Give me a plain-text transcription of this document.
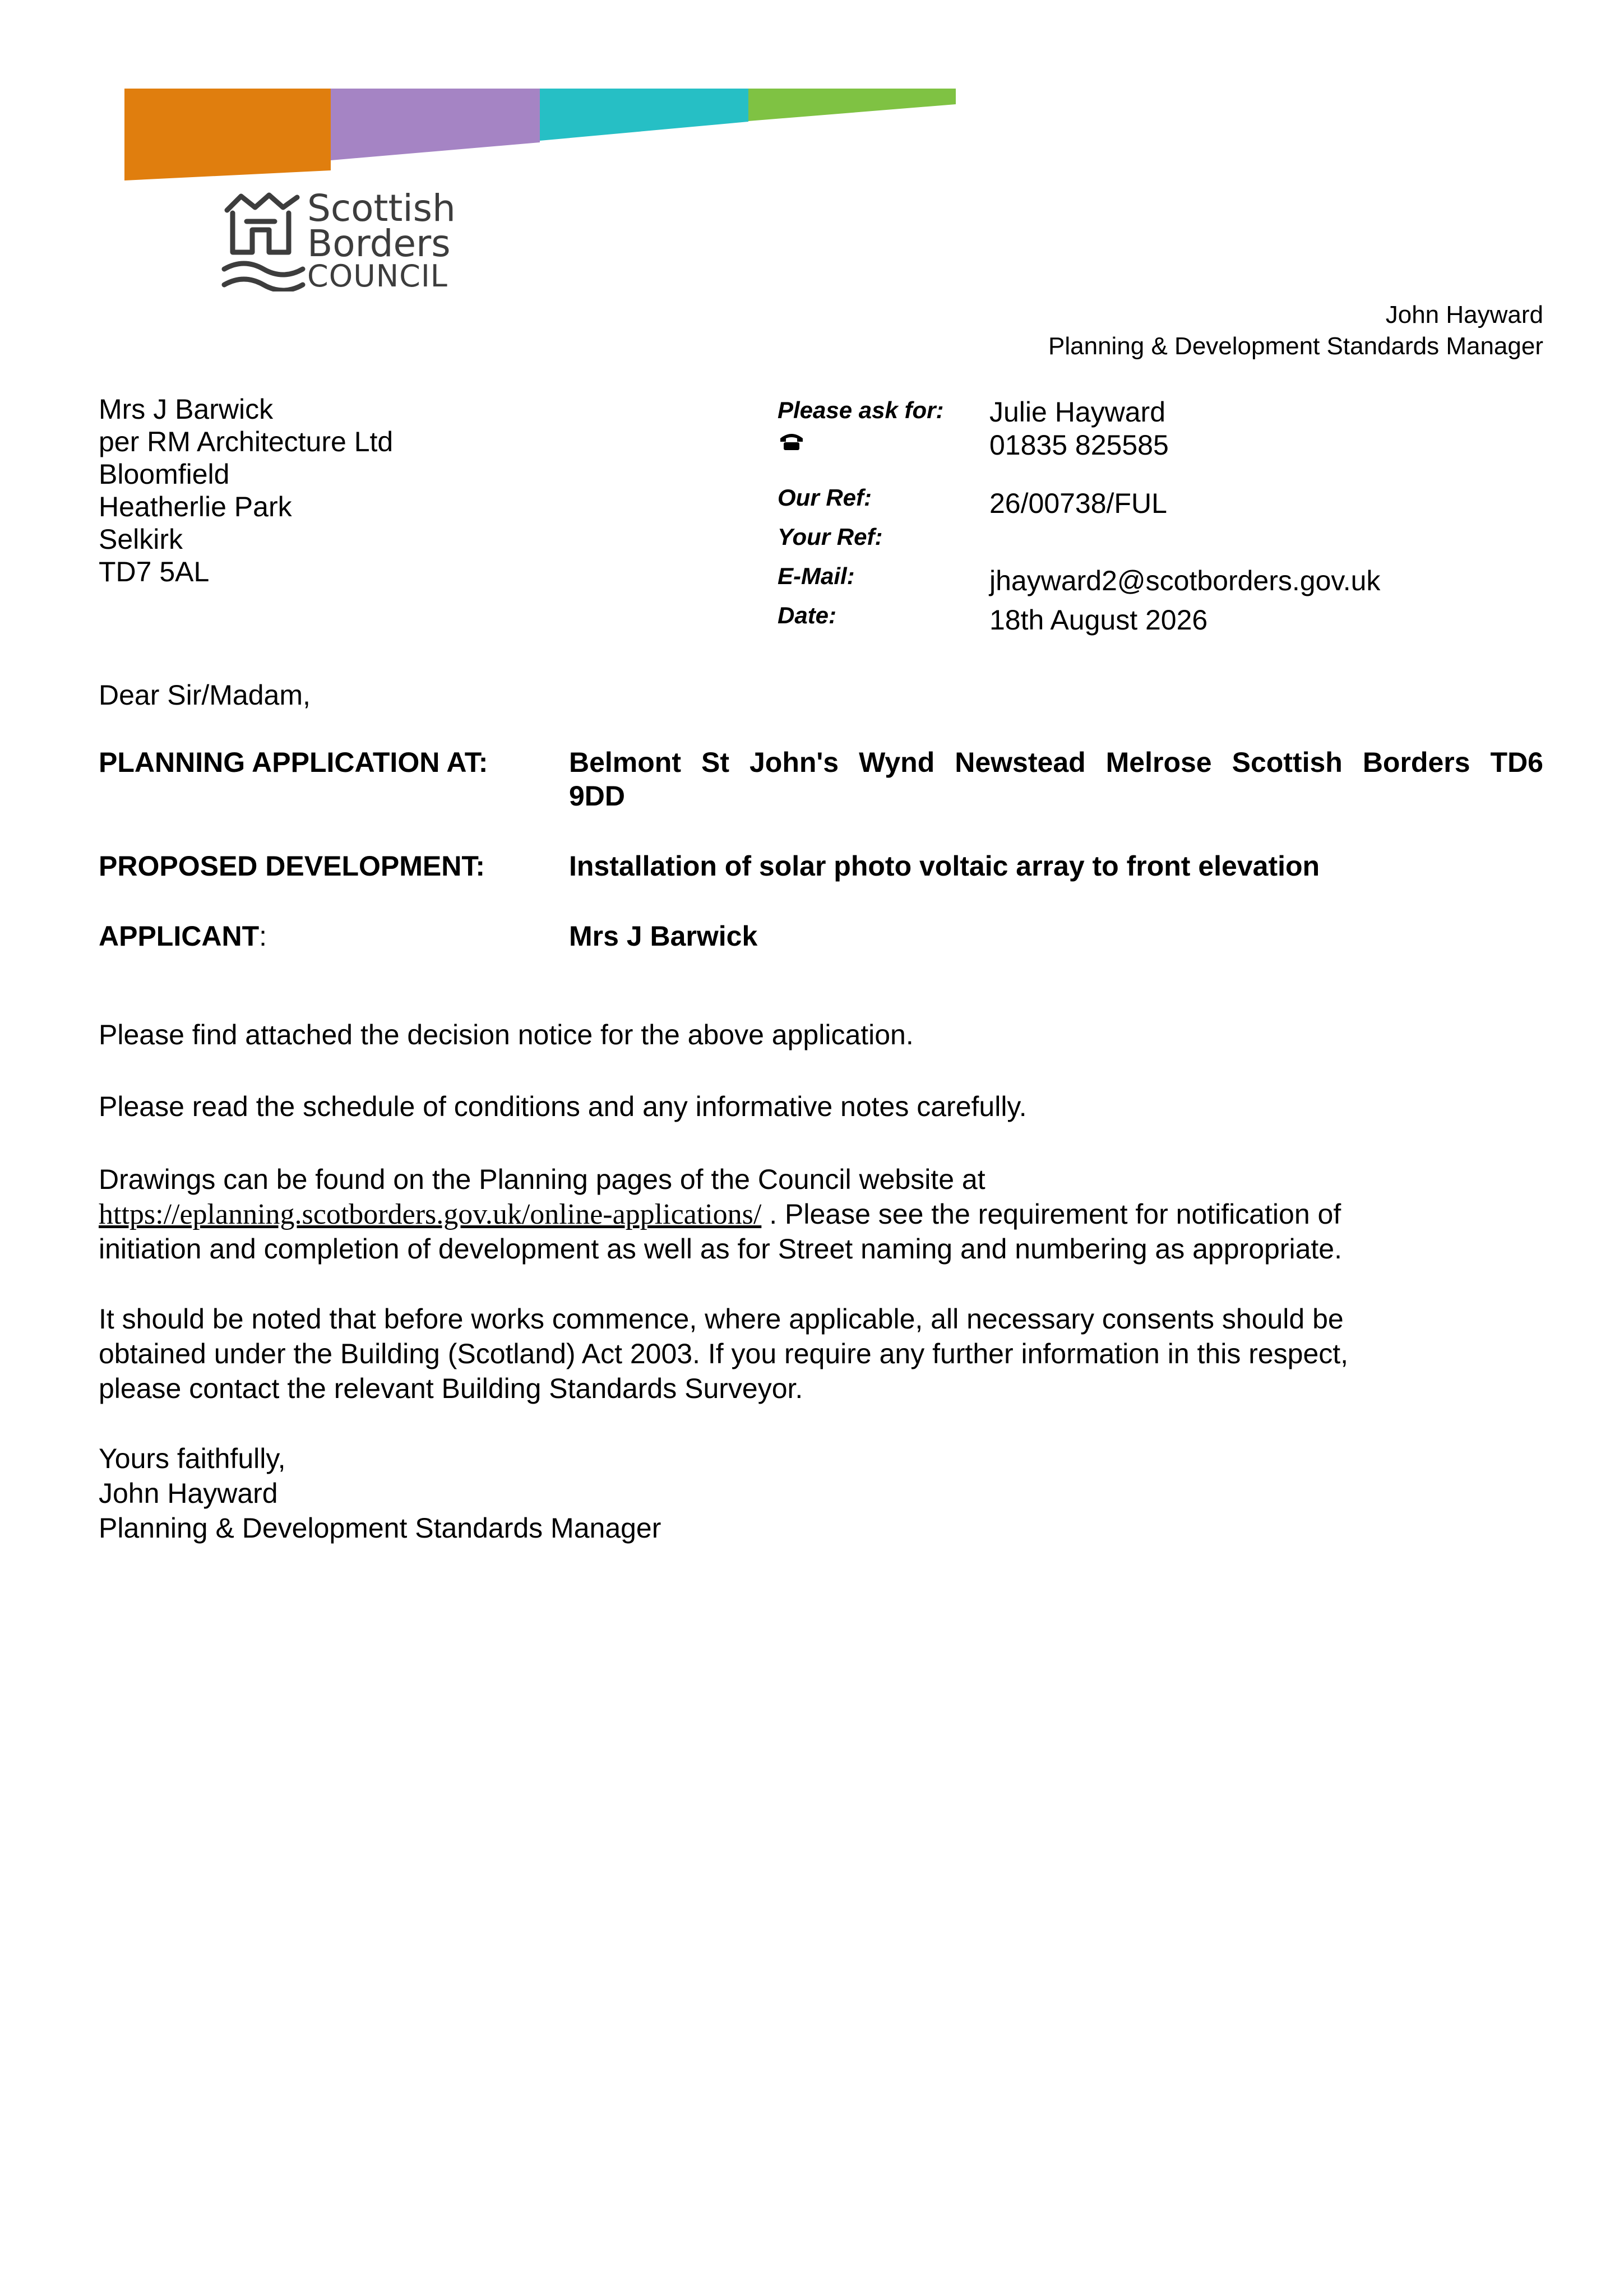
Scottish
Borders
COUNCIL
John Hayward
Planning & Development Standards Manager
Mrs J Barwick
per RM Architecture Ltd
Bloomfield
Heatherlie Park
Selkirk
TD7 5AL
Please ask for: Julie Hayward
01835 825585
Our Ref:	26/00738/FUL
Your Ref:
E-Mail:	jhayward2@scotborders.gov.uk
Date:	18th August 2026
Dear Sir/Madam,
PLANNING APPLICATION AT:	Belmont St John's Wynd Newstead Melrose Scottish Borders TD6
9DD
PROPOSED DEVELOPMENT:	Installation of solar photo voltaic array to front elevation
APPLICANT:	Mrs J Barwick
Please find attached the decision notice for the above application.
Please read the schedule of conditions and any informative notes carefully.
Drawings can be found on the Planning pages of the Council website at
https://eplanning.scotborders.gov.uk/online-applications/ . Please see the requirement for notification of
initiation and completion of development as well as for Street naming and numbering as appropriate.
It should be noted that before works commence, where applicable, all necessary consents should be
obtained under the Building (Scotland) Act 2003. If you require any further information in this respect,
please contact the relevant Building Standards Surveyor.
Yours faithfully,
John Hayward
Planning & Development Standards Manager
